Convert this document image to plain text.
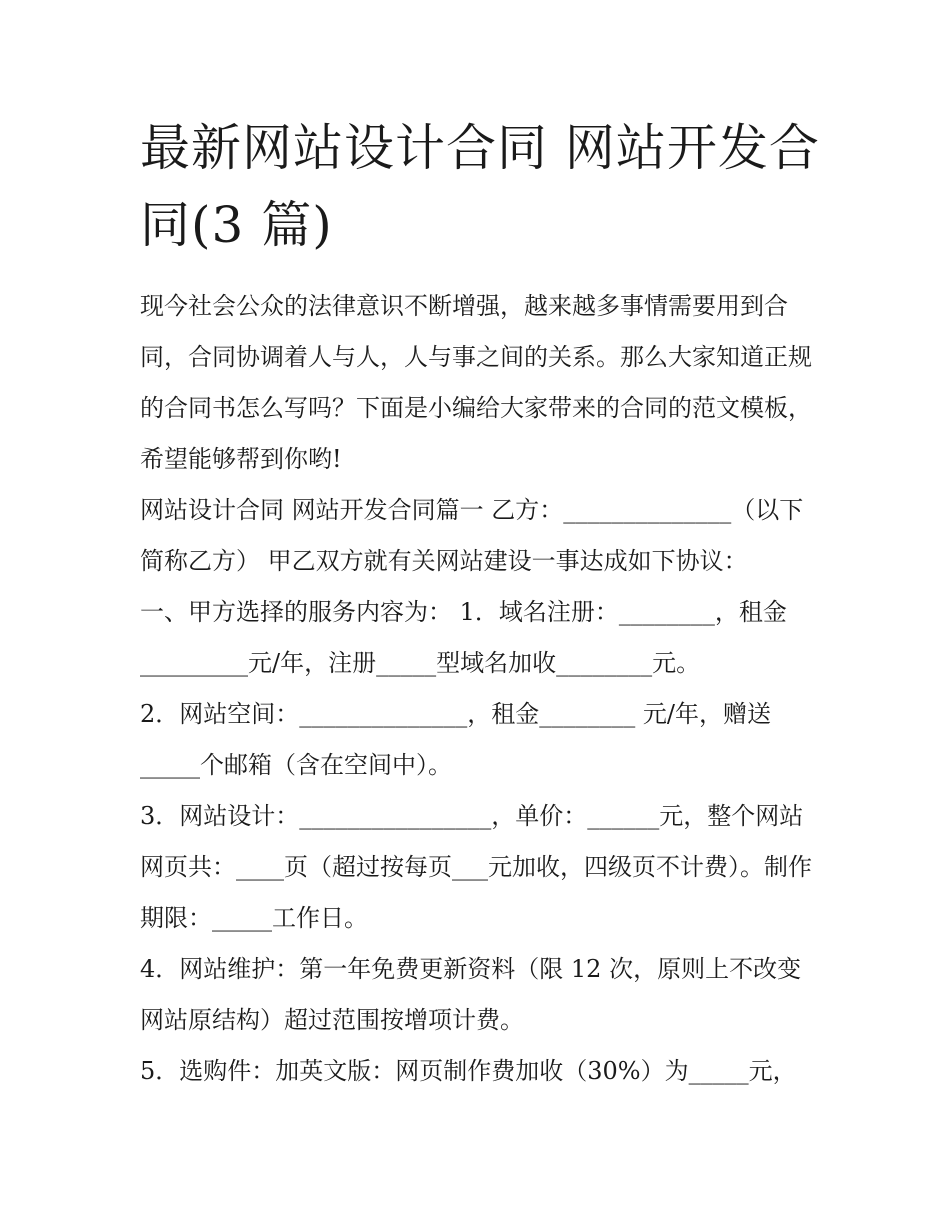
最新网站设计合同 网站开发合同(3 篇)

现今社会公众的法律意识不断增强，越来越多事情需要用到合同，合同协调着人与人，人与事之间的关系。那么大家知道正规的合同书怎么写吗？下面是小编给大家带来的合同的范文模板，希望能够帮到你哟!

网站设计合同 网站开发合同篇一 乙方：______________（以下简称乙方） 甲乙双方就有关网站建设一事达成如下协议：

一、甲方选择的服务内容为： 1．域名注册：________，租金_________元/年，注册_____型域名加收________元。

2．网站空间：______________，租金________ 元/年，赠送_____个邮箱（含在空间中）。

3．网站设计：________________，单价：______元，整个网站网页共：____页（超过按每页___元加收，四级页不计费）。制作期限：_____工作日。

4．网站维护：第一年免费更新资料（限 12 次，原则上不改变网站原结构）超过范围按增项计费。

5．选购件：加英文版：网页制作费加收（30%）为_____元，
